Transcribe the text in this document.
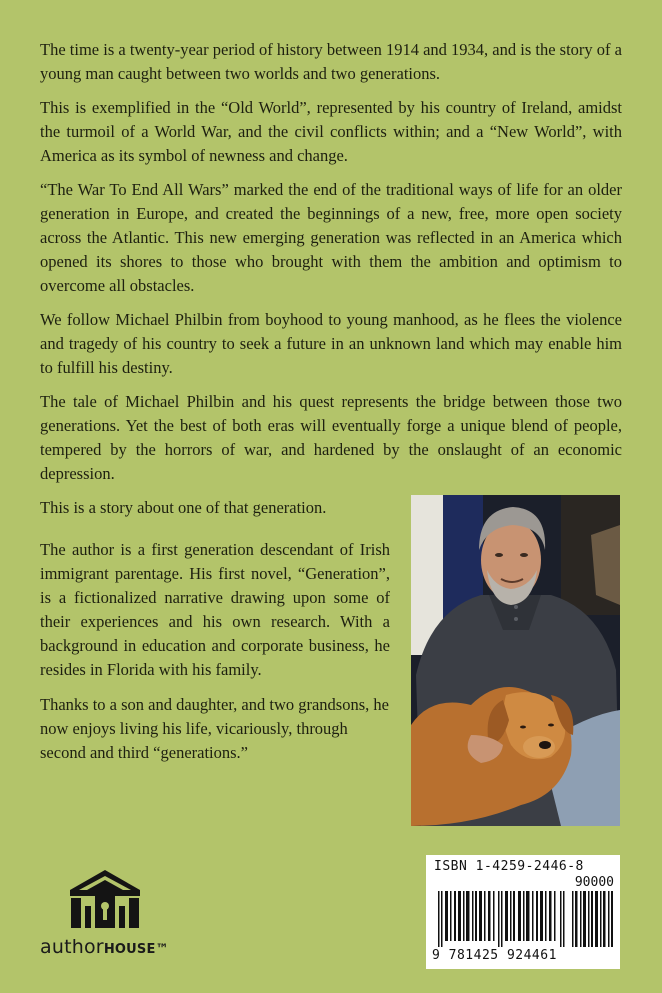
The time is a twenty-year period of history between 1914 and 1934, and is the story of a young man caught between two worlds and two generations.

This is exemplified in the “Old World”, represented by his country of Ireland, amidst the turmoil of a World War, and the civil conflicts within; and a “New World”, with America as its symbol of newness and change.

“The War To End All Wars” marked the end of the traditional ways of life for an older generation in Europe, and created the beginnings of a new, free, more open society across the Atlantic. This new emerging generation was reflected in an America which opened its shores to those who brought with them the ambition and optimism to overcome all obstacles.

We follow Michael Philbin from boyhood to young manhood, as he flees the violence and tragedy of his country to seek a future in an unknown land which may enable him to fulfill his destiny.

The tale of Michael Philbin and his quest represents the bridge between those two generations. Yet the best of both eras will eventually forge a unique blend of people, tempered by the horrors of war, and hardened by the onslaught of an economic depression.

This is a story about one of that generation.

The author is a first generation descendant of Irish immigrant parentage. His first novel, “Generation”, is a fictionalized narrative drawing upon some of their experiences and his own research. With a background in education and corporate business, he resides in Florida with his family.

Thanks to a son and daughter, and two grandsons, he now enjoys living his life, vicariously, through second and third “generations.”

authorHOUSE™
ISBN 1-4259-2446-8
90000
9 781425 924461
